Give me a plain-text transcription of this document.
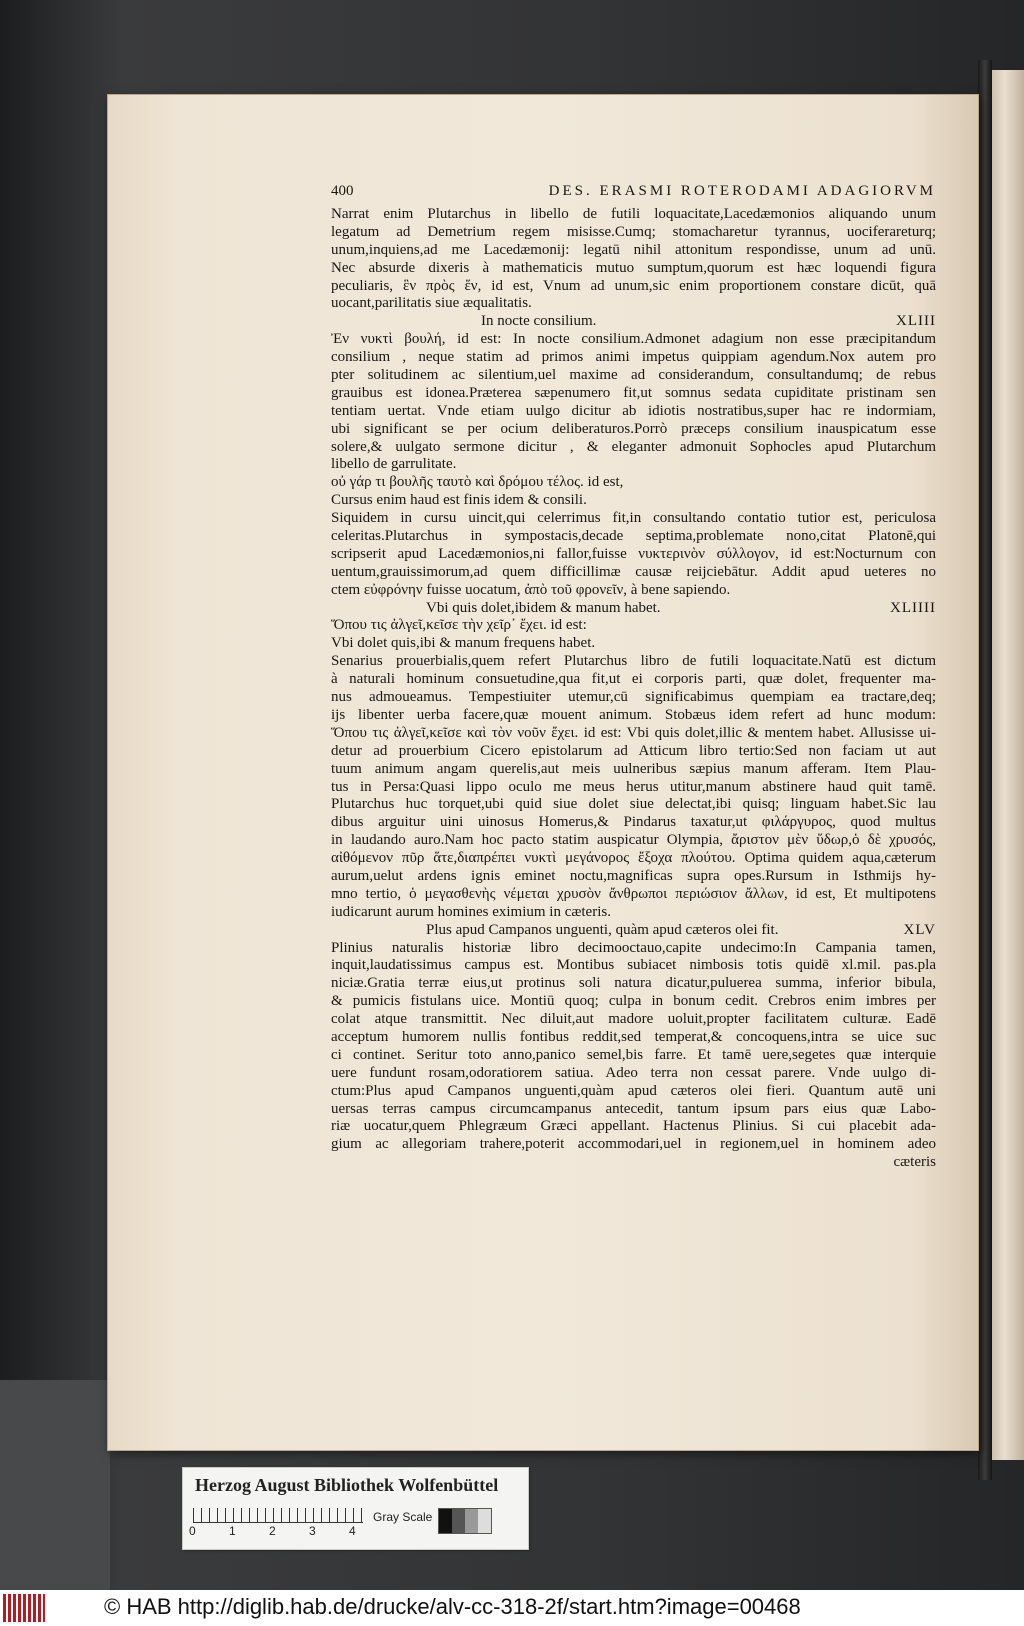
400	DES. ERASMI ROTERODAMI ADAGIORVM
Narrat enim Plutarchus in libello de futili loquacitate,Lacedæmonios aliquando unum
legatum ad Demetrium regem misisse.Cumq; stomacharetur tyrannus, uociferareturq;
unum,inquiens,ad me Lacedæmonij: legatū nihil attonitum respondisse, unum ad unū.
Nec absurde dixeris à mathematicis mutuo sumptum,quorum est hæc loquendi figura
peculiaris, ἓν πρὸς ἕν, id est, Vnum ad unum,sic enim proportionem constare dicūt, quā
uocant,parilitatis siue æqualitatis.
In nocte consilium.	XLIII
Ἐν νυκτὶ βουλή, id est: In nocte consilium.Admonet adagium non esse præcipitandum
consilium , neque statim ad primos animi impetus quippiam agendum.Nox autem pro
pter solitudinem ac silentium,uel maxime ad considerandum, consultandumq; de rebus
grauibus est idonea.Præterea sæpenumero fit,ut somnus sedata cupiditate pristinam sen
tentiam uertat. Vnde etiam uulgo dicitur ab idiotis nostratibus,super hac re indormiam,
ubi significant se per ocium deliberaturos.Porrò præceps consilium inauspicatum esse
solere,& uulgato sermone dicitur , & eleganter admonuit Sophocles apud Plutarchum
libello de garrulitate.
οὐ γάρ τι βουλῆς ταυτὸ καὶ δρόμου τέλος. id est,
Cursus enim haud est finis idem & consili.
Siquidem in cursu uincit,qui celerrimus fit,in consultando contatio tutior est, periculosa
celeritas.Plutarchus in sympostacis,decade septima,problemate nono,citat Platonē,qui
scripserit apud Lacedæmonios,ni fallor,fuisse νυκτερινὸν σύλλογον, id est:Nocturnum con
uentum,grauissimorum,ad quem difficillimæ causæ reijciebātur. Addit apud ueteres no
ctem εὐφρόνην fuisse uocatum, ἀπὸ τοῦ φρονεῖν, à bene sapiendo.
Vbi quis dolet,ibidem & manum habet.	XLIIII
Ὅπου τις ἀλγεῖ,κεῖσε τὴν χεῖρ᾽ ἔχει. id est:
Vbi dolet quis,ibi & manum frequens habet.
Senarius prouerbialis,quem refert Plutarchus libro de futili loquacitate.Natū est dictum
à naturali hominum consuetudine,qua fit,ut ei corporis parti, quæ dolet, frequenter ma-
nus admoueamus. Tempestiuiter utemur,cū significabimus quempiam ea tractare,deq;
ijs libenter uerba facere,quæ mouent animum. Stobæus idem refert ad hunc modum:
Ὅπου τις ἀλγεῖ,κεῖσε καὶ τὸν νοῦν ἔχει. id est: Vbi quis dolet,illic & mentem habet. Allusisse ui-
detur ad prouerbium Cicero epistolarum ad Atticum libro tertio:Sed non faciam ut aut
tuum animum angam querelis,aut meis uulneribus sæpius manum afferam. Item Plau-
tus in Persa:Quasi lippo oculo me meus herus utitur,manum abstinere haud quit tamē.
Plutarchus huc torquet,ubi quid siue dolet siue delectat,ibi quisq; linguam habet.Sic lau
dibus arguitur uini uinosus Homerus,& Pindarus taxatur,ut φιλάργυρος, quod multus
in laudando auro.Nam hoc pacto statim auspicatur Olympia, ἄριστον μὲν ὕδωρ,ὁ δὲ χρυσός,
αἰθόμενον πῦρ ἅτε,διαπρέπει νυκτὶ μεγάνορος ἔξοχα πλούτου. Optima quidem aqua,cæterum
aurum,uelut ardens ignis eminet noctu,magnificas supra opes.Rursum in Isthmijs hy-
mno tertio, ὁ μεγασθενὴς νέμεται χρυσὸν ἄνθρωποι περιώσιον ἄλλων, id est, Et multipotens
iudicarunt aurum homines eximium in cæteris.
Plus apud Campanos unguenti, quàm apud cæteros olei fit.	XLV
Plinius naturalis historiæ libro decimooctauo,capite undecimo:In Campania tamen,
inquit,laudatissimus campus est. Montibus subiacet nimbosis totis quidē xl.mil. pas.pla
niciæ.Gratia terræ eius,ut protinus soli natura dicatur,puluerea summa, inferior bibula,
& pumicis fistulans uice. Montiū quoq; culpa in bonum cedit. Crebros enim imbres per
colat atque transmittit. Nec diluit,aut madore uoluit,propter facilitatem culturæ. Eadē
acceptum humorem nullis fontibus reddit,sed temperat,& concoquens,intra se uice suc
ci continet. Seritur toto anno,panico semel,bis farre. Et tamē uere,segetes quæ interquie
uere fundunt rosam,odoratiorem satiua. Adeo terra non cessat parere. Vnde uulgo di-
ctum:Plus apud Campanos unguenti,quàm apud cæteros olei fieri. Quantum autē uni
uersas terras campus circumcampanus antecedit, tantum ipsum pars eius quæ Labo-
riæ uocatur,quem Phlegræum Græci appellant. Hactenus Plinius. Si cui placebit ada-
gium ac allegoriam trahere,poterit accommodari,uel in regionem,uel in hominem adeo
cæteris
Herzog August Bibliothek Wolfenbüttel
0	1	2	3	4
Gray Scale
© HAB http://diglib.hab.de/drucke/alv-cc-318-2f/start.htm?image=00468
